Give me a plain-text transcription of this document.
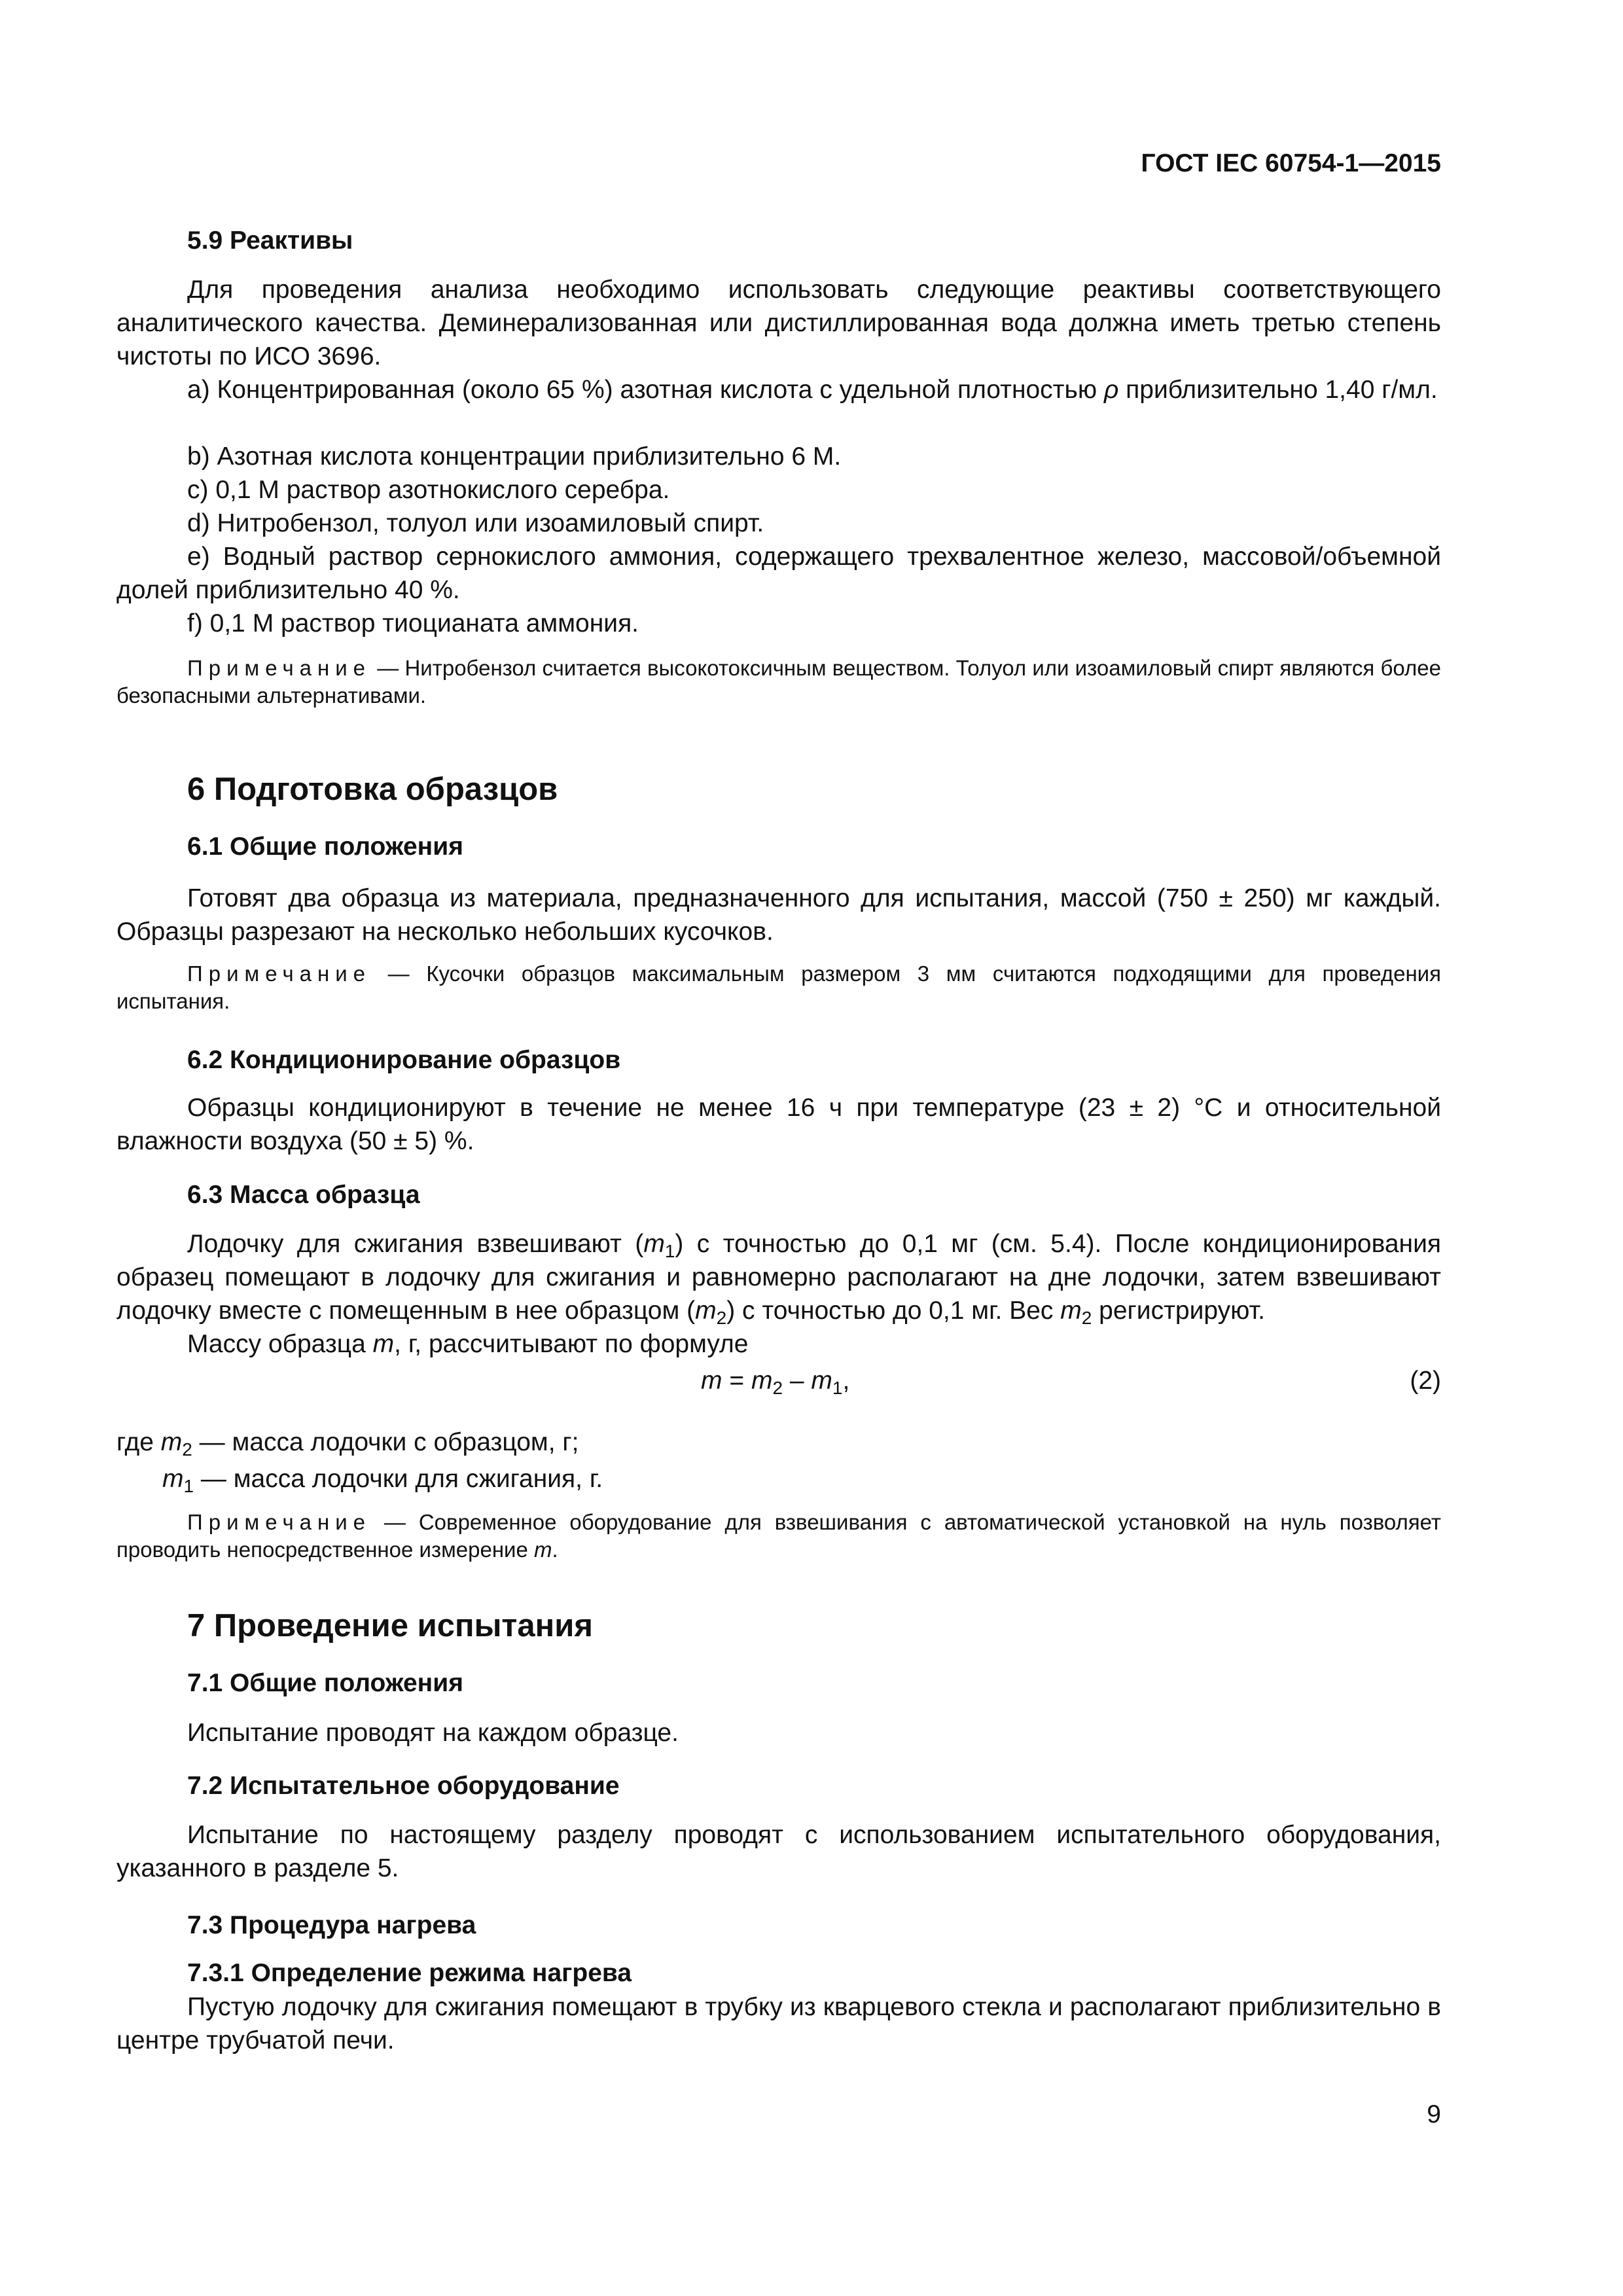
ГОСТ IEC 60754-1—2015
5.9 Реактивы
Для проведения анализа необходимо использовать следующие реактивы соответствующего аналитического качества. Деминерализованная или дистиллированная вода должна иметь третью степень чистоты по ИСО 3696.
a) Концентрированная (около 65 %) азотная кислота с удельной плотностью ρ приблизительно 1,40 г/мл.
b) Азотная кислота концентрации приблизительно 6 М.
c) 0,1 М раствор азотнокислого серебра.
d) Нитробензол, толуол или изоамиловый спирт.
e) Водный раствор сернокислого аммония, содержащего трехвалентное железо, массовой/объемной долей приблизительно 40 %.
f) 0,1 М раствор тиоцианата аммония.
Примечание — Нитробензол считается высокотоксичным веществом. Толуол или изоамиловый спирт являются более безопасными альтернативами.
6 Подготовка образцов
6.1 Общие положения
Готовят два образца из материала, предназначенного для испытания, массой (750 ± 250) мг каждый. Образцы разрезают на несколько небольших кусочков.
Примечание — Кусочки образцов максимальным размером 3 мм считаются подходящими для проведения испытания.
6.2 Кондиционирование образцов
Образцы кондиционируют в течение не менее 16 ч при температуре (23 ± 2) °C и относительной влажности воздуха (50 ± 5) %.
6.3 Масса образца
Лодочку для сжигания взвешивают $(m_1)$ с точностью до 0,1 мг (см. 5.4). После кондиционирования образец помещают в лодочку для сжигания и равномерно располагают на дне лодочки, затем взвешивают лодочку вместе с помещенным в нее образцом $(m_2)$ с точностью до 0,1 мг. Вес $m_2$ регистрируют.
Массу образца m, г, рассчитывают по формуле
$m = m_2 - m_1$,	(2)
где $m_2$ — масса лодочки с образцом, г;
$m_1$ — масса лодочки для сжигания, г.
Примечание — Современное оборудование для взвешивания с автоматической установкой на нуль позволяет проводить непосредственное измерение m.
7 Проведение испытания
7.1 Общие положения
Испытание проводят на каждом образце.
7.2 Испытательное оборудование
Испытание по настоящему разделу проводят с использованием испытательного оборудования, указанного в разделе 5.
7.3 Процедура нагрева
7.3.1 Определение режима нагрева
Пустую лодочку для сжигания помещают в трубку из кварцевого стекла и располагают приблизительно в центре трубчатой печи.
9
